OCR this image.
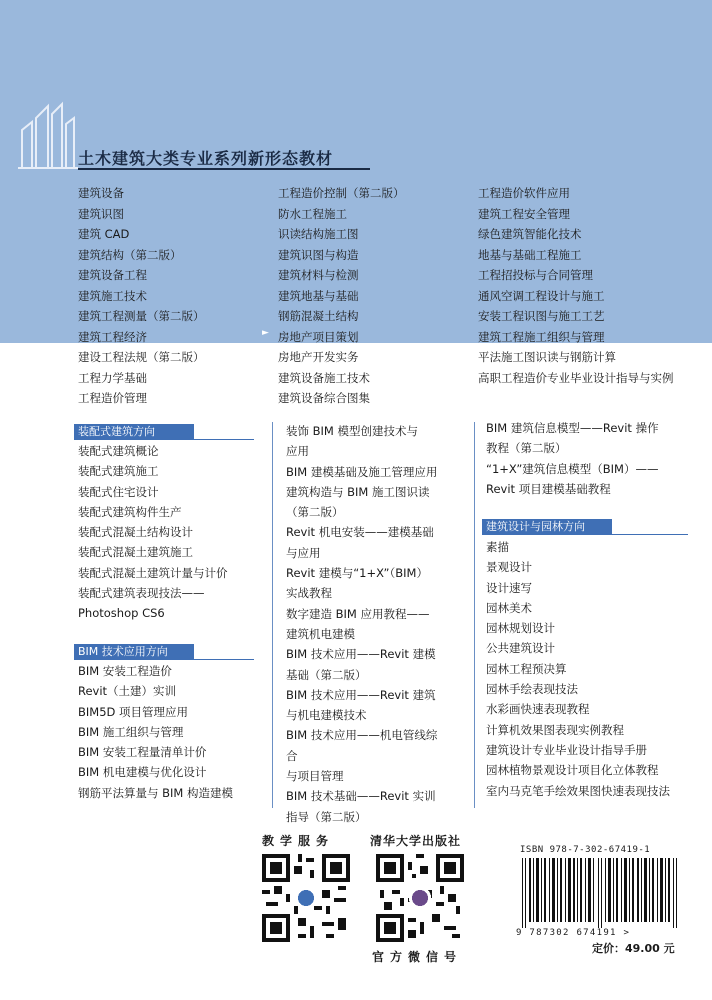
土木建筑大类专业系列新形态教材
建筑设备
建筑识图
建筑 CAD
建筑结构（第二版）
建筑设备工程
建筑施工技术
建筑工程测量（第二版）
建筑工程经济
建设工程法规（第二版）
工程力学基础
工程造价管理
►
工程造价控制（第二版）
防水工程施工
识读结构施工图
建筑识图与构造
建筑材料与检测
建筑地基与基础
钢筋混凝土结构
房地产项目策划
房地产开发实务
建筑设备施工技术
建筑设备综合图集
工程造价软件应用
建筑工程安全管理
绿色建筑智能化技术
地基与基础工程施工
工程招投标与合同管理
通风空调工程设计与施工
安装工程识图与施工工艺
建筑工程施工组织与管理
平法施工图识读与钢筋计算
高职工程造价专业毕业设计指导与实例
装配式建筑方向
装配式建筑概论
装配式建筑施工
装配式住宅设计
装配式建筑构件生产
装配式混凝土结构设计
装配式混凝土建筑施工
装配式混凝土建筑计量与计价
装配式建筑表现技法——
Photoshop CS6
BIM 技术应用方向
BIM 安装工程造价
Revit（土建）实训
BIM5D 项目管理应用
BIM 施工组织与管理
BIM 安装工程量清单计价
BIM 机电建模与优化设计
钢筋平法算量与 BIM 构造建模
装饰 BIM 模型创建技术与
应用
BIM 建模基础及施工管理应用
建筑构造与 BIM 施工图识读
（第二版）
Revit 机电安装——建模基础
与应用
Revit 建模与“1+X”（BIM）
实战教程
数字建造 BIM 应用教程——
建筑机电建模
BIM 技术应用——Revit 建模
基础（第二版）
BIM 技术应用——Revit 建筑
与机电建模技术
BIM 技术应用——机电管线综合
与项目管理
BIM 技术基础——Revit 实训
指导（第二版）
BIM 建筑信息模型——Revit 操作
教程（第二版）
“1+X”建筑信息模型（BIM）——
Revit 项目建模基础教程
建筑设计与园林方向
素描
景观设计
设计速写
园林美术
园林规划设计
公共建筑设计
园林工程预决算
园林手绘表现技法
水彩画快速表现教程
计算机效果图表现实例教程
建筑设计专业毕业设计指导手册
园林植物景观设计项目化立体教程
室内马克笔手绘效果图快速表现技法
教学服务	清华大学出版社
官方微信号
ISBN 978-7-302-67419-1
9 787302 674191 >
定价：49.00 元
